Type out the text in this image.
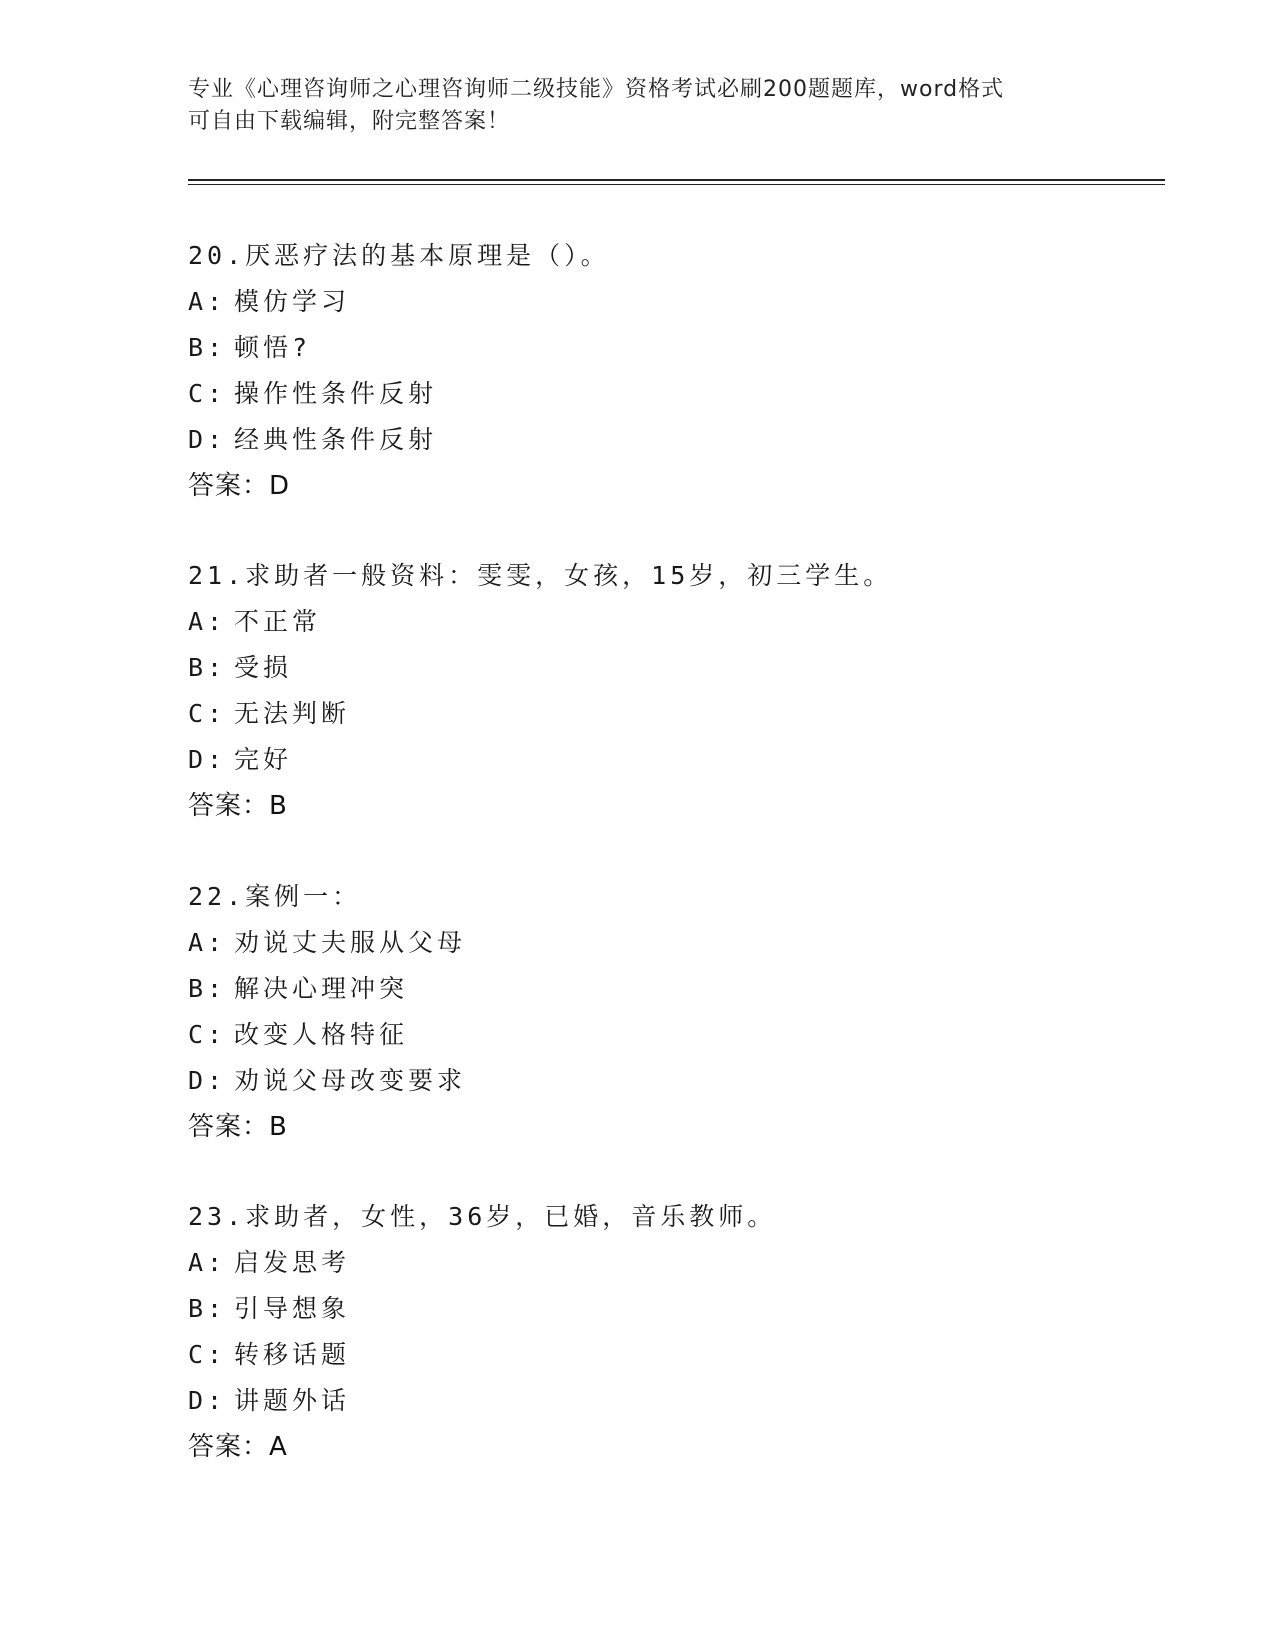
专业《心理咨询师之心理咨询师二级技能》资格考试必刷200题题库，word格式
可自由下载编辑，附完整答案！
20.厌恶疗法的基本原理是（）。
A: 模仿学习
B: 顿悟?
C: 操作性条件反射
D: 经典性条件反射
答案：D
21.求助者一般资料：雯雯，女孩，15岁，初三学生。
A: 不正常
B: 受损
C: 无法判断
D: 完好
答案：B
22.案例一：
A: 劝说丈夫服从父母
B: 解决心理冲突
C: 改变人格特征
D: 劝说父母改变要求
答案：B
23.求助者，女性，36岁，已婚，音乐教师。
A: 启发思考
B: 引导想象
C: 转移话题
D: 讲题外话
答案：A
